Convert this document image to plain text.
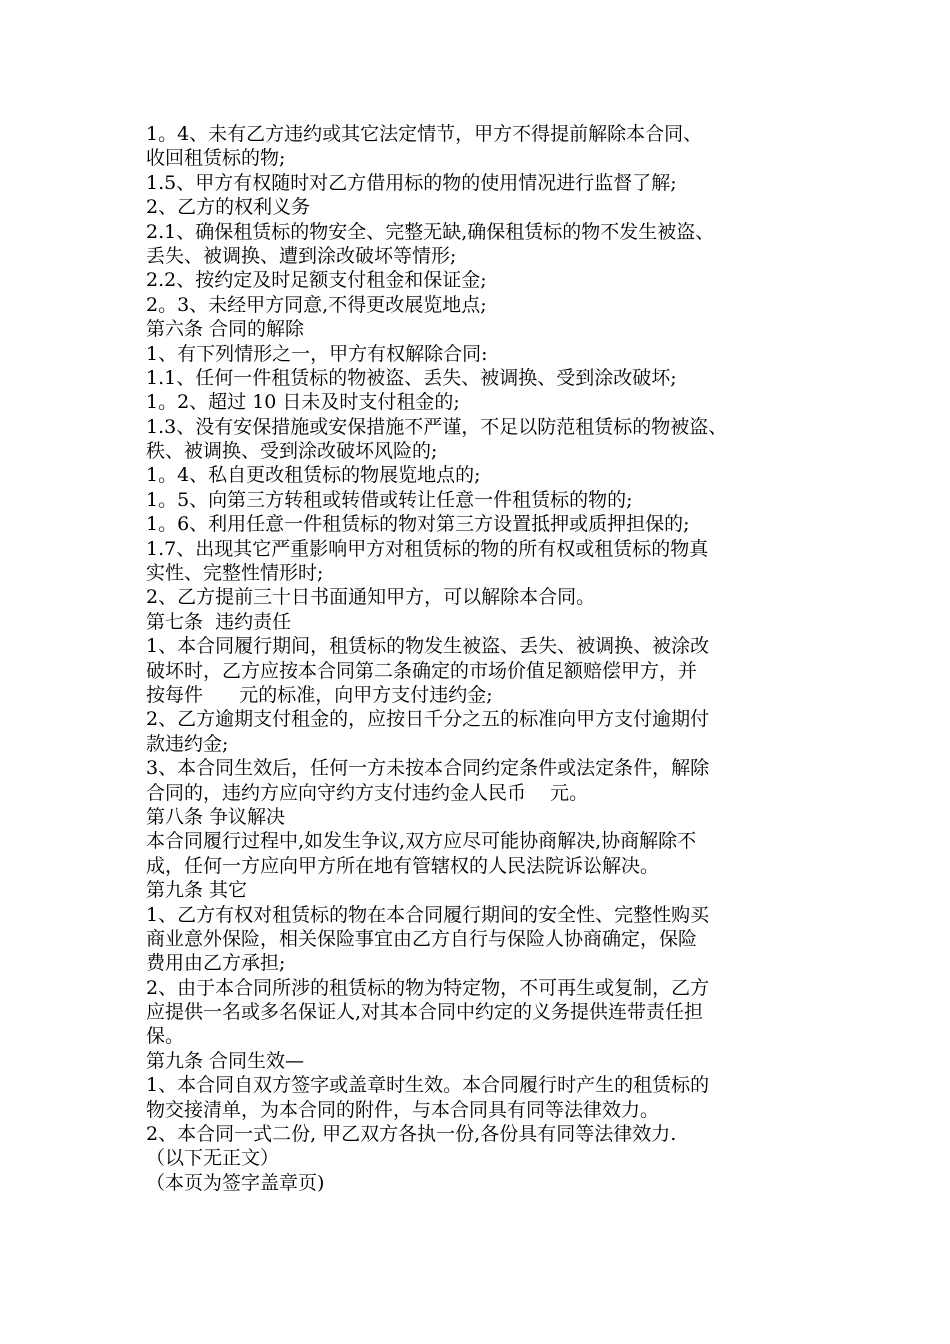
1。4、未有乙方违约或其它法定情节，甲方不得提前解除本合同、
收回租赁标的物;
1.5、甲方有权随时对乙方借用标的物的使用情况进行监督了解;
2、乙方的权利义务
2.1、确保租赁标的物安全、完整无缺,确保租赁标的物不发生被盗、
丢失、被调换、遭到涂改破坏等情形;
2.2、按约定及时足额支付租金和保证金;
2。3、未经甲方同意,不得更改展览地点;
第六条 合同的解除
1、有下列情形之一，甲方有权解除合同:
1.1、任何一件租赁标的物被盗、丢失、被调换、受到涂改破坏;
1。2、超过 10 日未及时支付租金的;
1.3、没有安保措施或安保措施不严谨，不足以防范租赁标的物被盗、
秩、被调换、受到涂改破坏风险的;
1。4、私自更改租赁标的物展览地点的;
1。5、向第三方转租或转借或转让任意一件租赁标的物的;
1。6、利用任意一件租赁标的物对第三方设置抵押或质押担保的;
1.7、出现其它严重影响甲方对租赁标的物的所有权或租赁标的物真
实性、完整性情形时;
2、乙方提前三十日书面通知甲方，可以解除本合同。
第七条  违约责任
1、本合同履行期间，租赁标的物发生被盗、丢失、被调换、被涂改
破坏时，乙方应按本合同第二条确定的市场价值足额赔偿甲方，并
按每件      元的标准，向甲方支付违约金;
2、乙方逾期支付租金的，应按日千分之五的标准向甲方支付逾期付
款违约金;
3、本合同生效后，任何一方未按本合同约定条件或法定条件，解除
合同的，违约方应向守约方支付违约金人民币    元。
第八条 争议解决
本合同履行过程中,如发生争议,双方应尽可能协商解决,协商解除不
成，任何一方应向甲方所在地有管辖权的人民法院诉讼解决。
第九条 其它
1、乙方有权对租赁标的物在本合同履行期间的安全性、完整性购买
商业意外保险，相关保险事宜由乙方自行与保险人协商确定，保险
费用由乙方承担;
2、由于本合同所涉的租赁标的物为特定物，不可再生或复制，乙方
应提供一名或多名保证人,对其本合同中约定的义务提供连带责任担
保。
第九条 合同生效—
1、本合同自双方签字或盖章时生效。本合同履行时产生的租赁标的
物交接清单，为本合同的附件，与本合同具有同等法律效力。
2、本合同一式二份, 甲乙双方各执一份,各份具有同等法律效力.
（以下无正文）
（本页为签字盖章页)
